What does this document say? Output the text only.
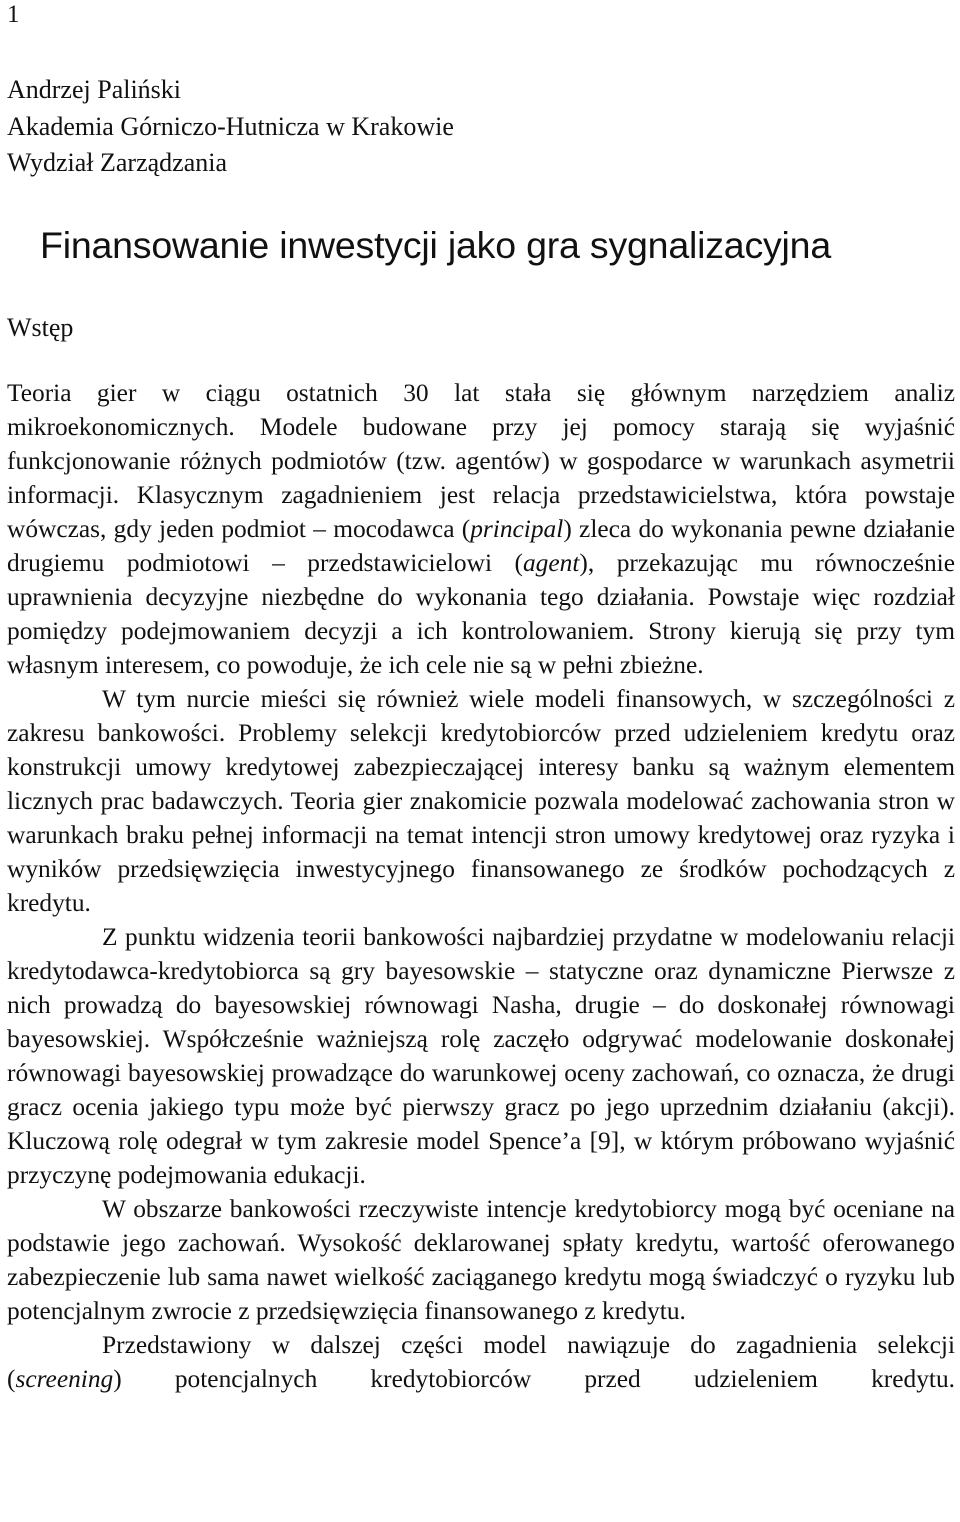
1
Andrzej Paliński
Akademia Górniczo-Hutnicza w Krakowie
Wydział Zarządzania
Finansowanie inwestycji jako gra sygnalizacyjna
Wstęp

Teoria gier w ciągu ostatnich 30 lat stała się głównym narzędziem analiz mikroekonomicznych. Modele budowane przy jej pomocy starają się wyjaśnić funkcjonowanie różnych podmiotów (tzw. agentów) w gospodarce w warunkach asymetrii informacji. Klasycznym zagadnieniem jest relacja przedstawicielstwa, która powstaje wówczas, gdy jeden podmiot – mocodawca (principal) zleca do wykonania pewne działanie drugiemu podmiotowi – przedstawicielowi (agent), przekazując mu równocześnie uprawnienia decyzyjne niezbędne do wykonania tego działania. Powstaje więc rozdział pomiędzy podejmowaniem decyzji a ich kontrolowaniem. Strony kierują się przy tym własnym interesem, co powoduje, że ich cele nie są w pełni zbieżne.

W tym nurcie mieści się również wiele modeli finansowych, w szczególności z zakresu bankowości. Problemy selekcji kredytobiorców przed udzieleniem kredytu oraz konstrukcji umowy kredytowej zabezpieczającej interesy banku są ważnym elementem licznych prac badawczych. Teoria gier znakomicie pozwala modelować zachowania stron w warunkach braku pełnej informacji na temat intencji stron umowy kredytowej oraz ryzyka i wyników przedsięwzięcia inwestycyjnego finansowanego ze środków pochodzących z kredytu.

Z punktu widzenia teorii bankowości najbardziej przydatne w modelowaniu relacji kredytodawca-kredytobiorca są gry bayesowskie – statyczne oraz dynamiczne Pierwsze z nich prowadzą do bayesowskiej równowagi Nasha, drugie – do doskonałej równowagi bayesowskiej. Współcześnie ważniejszą rolę zaczęło odgrywać modelowanie doskonałej równowagi bayesowskiej prowadzące do warunkowej oceny zachowań, co oznacza, że drugi gracz ocenia jakiego typu może być pierwszy gracz po jego uprzednim działaniu (akcji). Kluczową rolę odegrał w tym zakresie model Spence’a [9], w którym próbowano wyjaśnić przyczynę podejmowania edukacji.

W obszarze bankowości rzeczywiste intencje kredytobiorcy mogą być oceniane na podstawie jego zachowań. Wysokość deklarowanej spłaty kredytu, wartość oferowanego zabezpieczenie lub sama nawet wielkość zaciąganego kredytu mogą świadczyć o ryzyku lub potencjalnym zwrocie z przedsięwzięcia finansowanego z kredytu.

Przedstawiony w dalszej części model nawiązuje do zagadnienia selekcji (screening) potencjalnych kredytobiorców przed udzieleniem kredytu.
